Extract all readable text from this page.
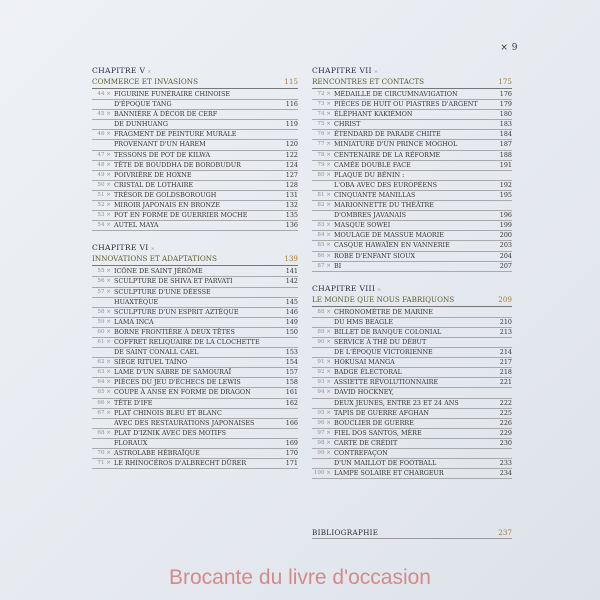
× 9
CHAPITRE V ×
COMMERCE ET INVASIONS	115
44 × FIGURINE FUNÉRAIRE CHINOISE
D'ÉPOQUE TANG	116
45 × BANNIÈRE À DÉCOR DE CERF
DE DUNHUANG	119
46 × FRAGMENT DE PEINTURE MURALE
PROVENANT D'UN HAREM	120
47 × TESSONS DE POT DE KILWA	122
48 × TÊTE DE BOUDDHA DE BOROBUDUR	124
49 × POIVRIÈRE DE HOXNE	127
50 × CRISTAL DE LOTHAIRE	128
51 × TRÉSOR DE GOLDSBOROUGH	131
52 × MIROIR JAPONAIS EN BRONZE	132
53 × POT EN FORME DE GUERRIER MOCHE	135
54 × AUTEL MAYA	136
CHAPITRE VI ×
INNOVATIONS ET ADAPTATIONS	139
55 × ICÔNE DE SAINT JÉRÔME	141
56 × SCULPTURE DE SHIVA ET PARVATI	142
57 × SCULPTURE D'UNE DÉESSE
HUAXTÈQUE	145
58 × SCULPTURE D'UN ESPRIT AZTÈQUE	146
59 × LAMA INCA	149
60 × BORNE FRONTIÈRE À DEUX TÊTES	150
61 × COFFRET RELIQUAIRE DE LA CLOCHETTE
DE SAINT CONALL CAEL	153
62 × SIÈGE RITUEL TAÍNO	154
63 × LAME D'UN SABRE DE SAMOURAÏ	157
64 × PIÈCES DU JEU D'ÉCHECS DE LEWIS	158
65 × COUPE À ANSE EN FORME DE DRAGON	161
66 × TÊTE D'IFE	162
67 × PLAT CHINOIS BLEU ET BLANC
AVEC DES RESTAURATIONS JAPONAISES	166
68 × PLAT D'IZNIK AVEC DES MOTIFS
FLORAUX	169
70 × ASTROLABE HÉBRAÏQUE	170
71 × LE RHINOCÉROS D'ALBRECHT DÜRER	171
CHAPITRE VII ×
RENCONTRES ET CONTACTS	175
72 × MÉDAILLE DE CIRCUMNAVIGATION	176
73 × PIÈCES DE HUIT OU PIASTRES D'ARGENT	179
74 × ÉLÉPHANT KAKIÉMON	180
75 × CHRIST	183
76 × ÉTENDARD DE PARADE CHIITE	184
77 × MINIATURE D'UN PRINCE MOGHOL	187
78 × CENTENAIRE DE LA RÉFORME	188
79 × CAMÉE DOUBLE FACE	191
80 × PLAQUE DU BÉNIN :
L'OBA AVEC DES EUROPÉENS	192
81 × CINQUANTE MANILLAS	195
82 × MARIONNETTE DU THÉÂTRE
D'OMBRES JAVANAIS	196
83 × MASQUE SOWEI	199
84 × MOULAGE DE MASSUE MAORIE	200
85 × CASQUE HAWAÏEN EN VANNERIE	203
86 × ROBE D'ENFANT SIOUX	204
87 × BI	207
CHAPITRE VIII ×
LE MONDE QUE NOUS FABRIQUONS	209
88 × CHRONOMÈTRE DE MARINE
DU HMS BEAGLE	210
89 × BILLET DE BANQUE COLONIAL	213
90 × SERVICE À THÉ DU DÉBUT
DE L'ÉPOQUE VICTORIENNE	214
91 × HOKUSAI MANGA	217
92 × BADGE ÉLECTORAL	218
93 × ASSIETTE RÉVOLUTIONNAIRE	221
94 × DAVID HOCKNEY,
DEUX JEUNES, ENTRE 23 ET 24 ANS	222
95 × TAPIS DE GUERRE AFGHAN	225
96 × BOUCLIER DE GUERRE	226
97 × FIEL DOS SANTOS, MÈRE	229
98 × CARTE DE CRÉDIT	230
99 × CONTREFAÇON
D'UN MAILLOT DE FOOTBALL	233
100 × LAMPE SOLAIRE ET CHARGEUR	234
BIBLIOGRAPHIE	237
Brocante du livre d'occasion
